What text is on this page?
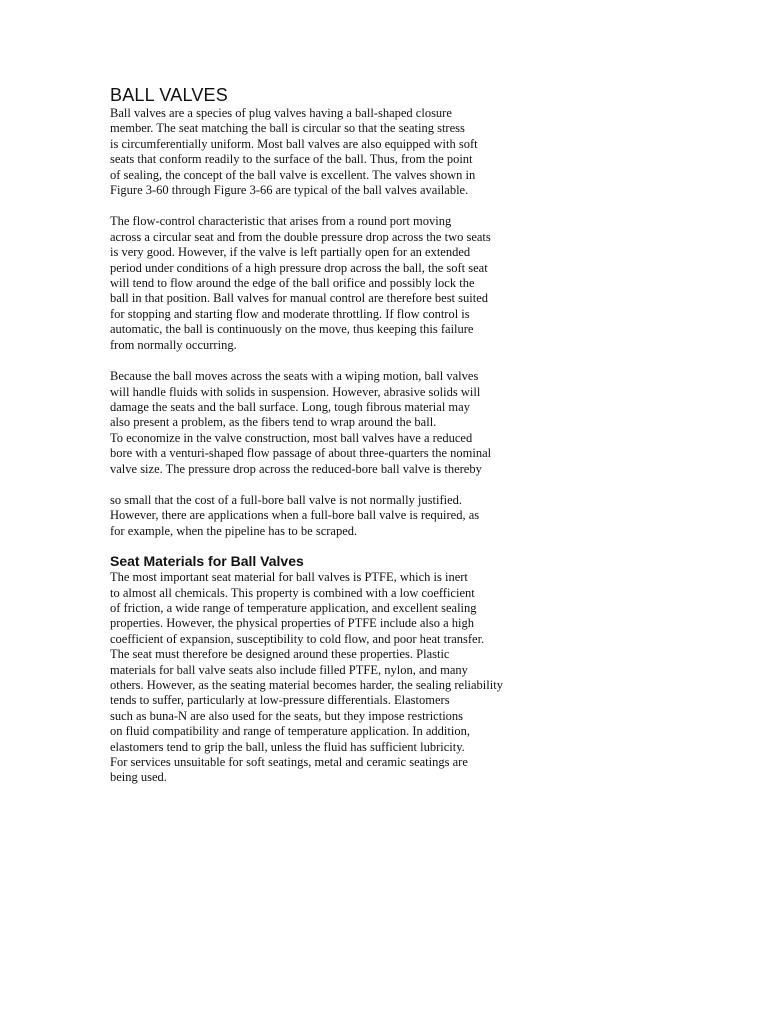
BALL VALVES

Ball valves are a species of plug valves having a ball-shaped closure
member. The seat matching the ball is circular so that the seating stress
is circumferentially uniform. Most ball valves are also equipped with soft
seats that conform readily to the surface of the ball. Thus, from the point
of sealing, the concept of the ball valve is excellent. The valves shown in
Figure 3-60 through Figure 3-66 are typical of the ball valves available.

The flow-control characteristic that arises from a round port moving
across a circular seat and from the double pressure drop across the two seats
is very good. However, if the valve is left partially open for an extended
period under conditions of a high pressure drop across the ball, the soft seat
will tend to flow around the edge of the ball orifice and possibly lock the
ball in that position. Ball valves for manual control are therefore best suited
for stopping and starting flow and moderate throttling. If flow control is
automatic, the ball is continuously on the move, thus keeping this failure
from normally occurring.

Because the ball moves across the seats with a wiping motion, ball valves
will handle fluids with solids in suspension. However, abrasive solids will
damage the seats and the ball surface. Long, tough fibrous material may
also present a problem, as the fibers tend to wrap around the ball.
To economize in the valve construction, most ball valves have a reduced
bore with a venturi-shaped flow passage of about three-quarters the nominal
valve size. The pressure drop across the reduced-bore ball valve is thereby

so small that the cost of a full-bore ball valve is not normally justified.
However, there are applications when a full-bore ball valve is required, as
for example, when the pipeline has to be scraped.

Seat Materials for Ball Valves

The most important seat material for ball valves is PTFE, which is inert
to almost all chemicals. This property is combined with a low coefficient
of friction, a wide range of temperature application, and excellent sealing
properties. However, the physical properties of PTFE include also a high
coefficient of expansion, susceptibility to cold flow, and poor heat transfer.
The seat must therefore be designed around these properties. Plastic
materials for ball valve seats also include filled PTFE, nylon, and many
others. However, as the seating material becomes harder, the sealing reliability
tends to suffer, particularly at low-pressure differentials. Elastomers
such as buna-N are also used for the seats, but they impose restrictions
on fluid compatibility and range of temperature application. In addition,
elastomers tend to grip the ball, unless the fluid has sufficient lubricity.
For services unsuitable for soft seatings, metal and ceramic seatings are
being used.
